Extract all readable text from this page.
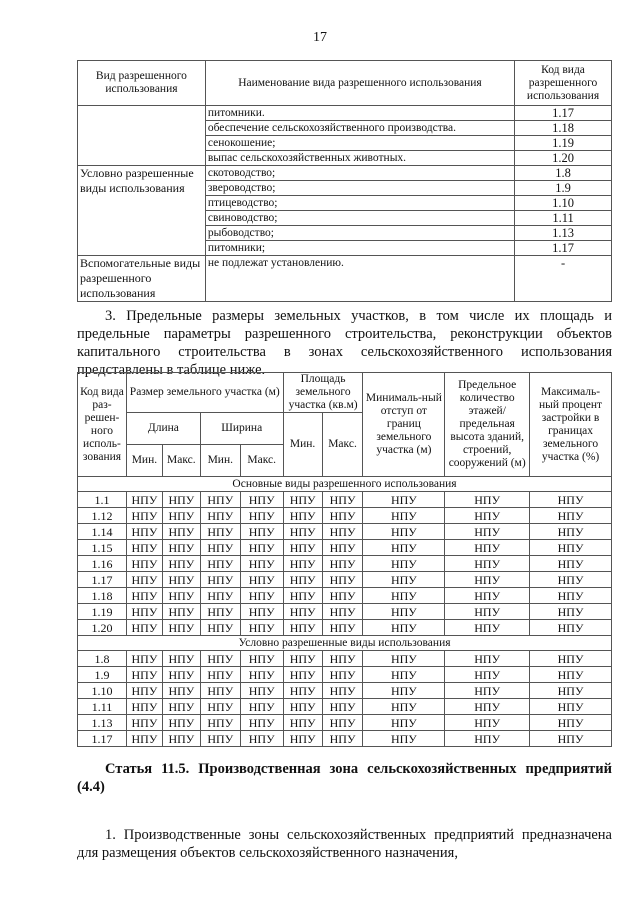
17
Вид разрешенного использования	Наименование вида разрешенного использования	Код вида разрешенного использования
	питомники.	1.17
	обеспечение сельскохозяйственного производства.	1.18
	сенокошение;	1.19
	выпас сельскохозяйственных животных.	1.20
Условно разрешенные виды использования	скотоводство;	1.8
	звероводство;	1.9
	птицеводство;	1.10
	свиноводство;	1.11
	рыбоводство;	1.13
	питомники;	1.17
Вспомогательные виды разрешенного использования	не подлежат установлению.	-
3. Предельные размеры земельных участков, в том числе их площадь и предельные параметры разрешенного строительства, реконструкции объектов капитального строительства в зонах сельскохозяйственного использования представлены в таблице ниже.
Код вида раз-решен-ного исполь-зования	Размер земельного участка (м)				Площадь земельного участка (кв.м)		Минималь-ный отступ от границ земельного участка (м)	Предельное количество этажей/ предельная высота зданий, строений, сооружений (м)	Максималь-ный процент застройки в границах земельного участка (%)
	Длина		Ширина		Мин.	Макс.			
	Мин.	Макс.	Мин.	Макс.					
Основные виды разрешенного использования									
1.1	НПУ	НПУ	НПУ	НПУ	НПУ	НПУ	НПУ	НПУ	НПУ
1.12	НПУ	НПУ	НПУ	НПУ	НПУ	НПУ	НПУ	НПУ	НПУ
1.14	НПУ	НПУ	НПУ	НПУ	НПУ	НПУ	НПУ	НПУ	НПУ
1.15	НПУ	НПУ	НПУ	НПУ	НПУ	НПУ	НПУ	НПУ	НПУ
1.16	НПУ	НПУ	НПУ	НПУ	НПУ	НПУ	НПУ	НПУ	НПУ
1.17	НПУ	НПУ	НПУ	НПУ	НПУ	НПУ	НПУ	НПУ	НПУ
1.18	НПУ	НПУ	НПУ	НПУ	НПУ	НПУ	НПУ	НПУ	НПУ
1.19	НПУ	НПУ	НПУ	НПУ	НПУ	НПУ	НПУ	НПУ	НПУ
1.20	НПУ	НПУ	НПУ	НПУ	НПУ	НПУ	НПУ	НПУ	НПУ
Условно разрешенные виды использования									
1.8	НПУ	НПУ	НПУ	НПУ	НПУ	НПУ	НПУ	НПУ	НПУ
1.9	НПУ	НПУ	НПУ	НПУ	НПУ	НПУ	НПУ	НПУ	НПУ
1.10	НПУ	НПУ	НПУ	НПУ	НПУ	НПУ	НПУ	НПУ	НПУ
1.11	НПУ	НПУ	НПУ	НПУ	НПУ	НПУ	НПУ	НПУ	НПУ
1.13	НПУ	НПУ	НПУ	НПУ	НПУ	НПУ	НПУ	НПУ	НПУ
1.17	НПУ	НПУ	НПУ	НПУ	НПУ	НПУ	НПУ	НПУ	НПУ
Статья 11.5. Производственная зона сельскохозяйственных предприятий (4.4)
1. Производственные зоны сельскохозяйственных предприятий предназначена для размещения объектов сельскохозяйственного назначения,
